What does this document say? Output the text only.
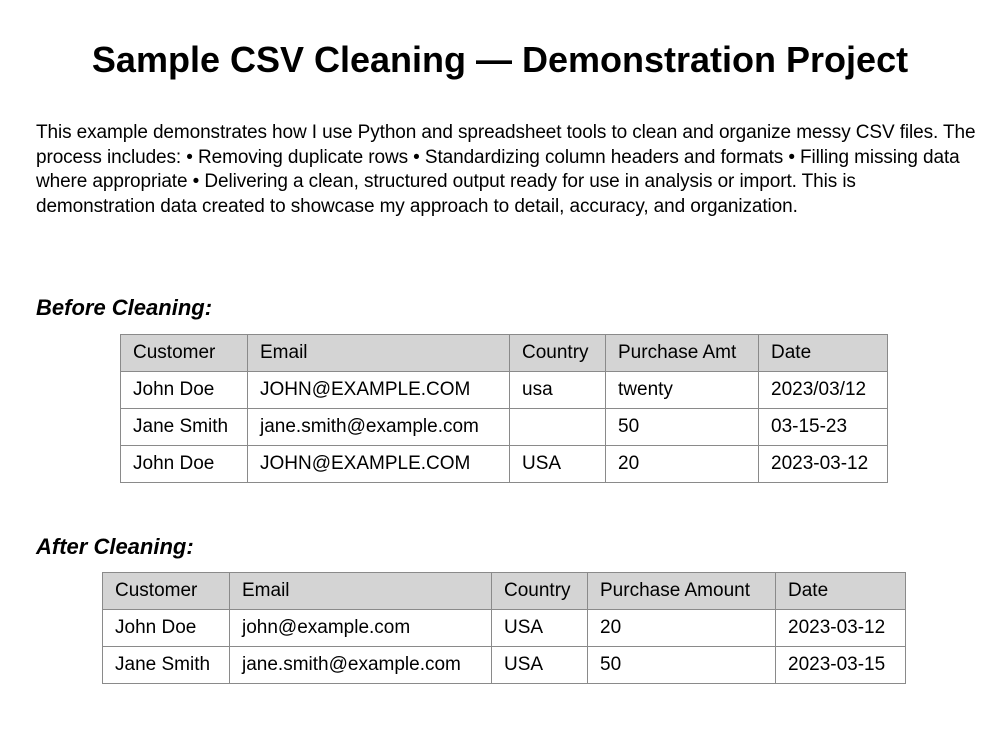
Sample CSV Cleaning — Demonstration Project

This example demonstrates how I use Python and spreadsheet tools to clean and organize messy CSV files. The process includes: • Removing duplicate rows • Standardizing column headers and formats • Filling missing data where appropriate • Delivering a clean, structured output ready for use in analysis or import. This is demonstration data created to showcase my approach to detail, accuracy, and organization.

Before Cleaning:
Customer	Email	Country	Purchase Amt	Date
John Doe	JOHN@EXAMPLE.COM	usa	twenty	2023/03/12
Jane Smith	jane.smith@example.com		50	03-15-23
John Doe	JOHN@EXAMPLE.COM	USA	20	2023-03-12
After Cleaning:
Customer	Email	Country	Purchase Amount	Date
John Doe	john@example.com	USA	20	2023-03-12
Jane Smith	jane.smith@example.com	USA	50	2023-03-15
